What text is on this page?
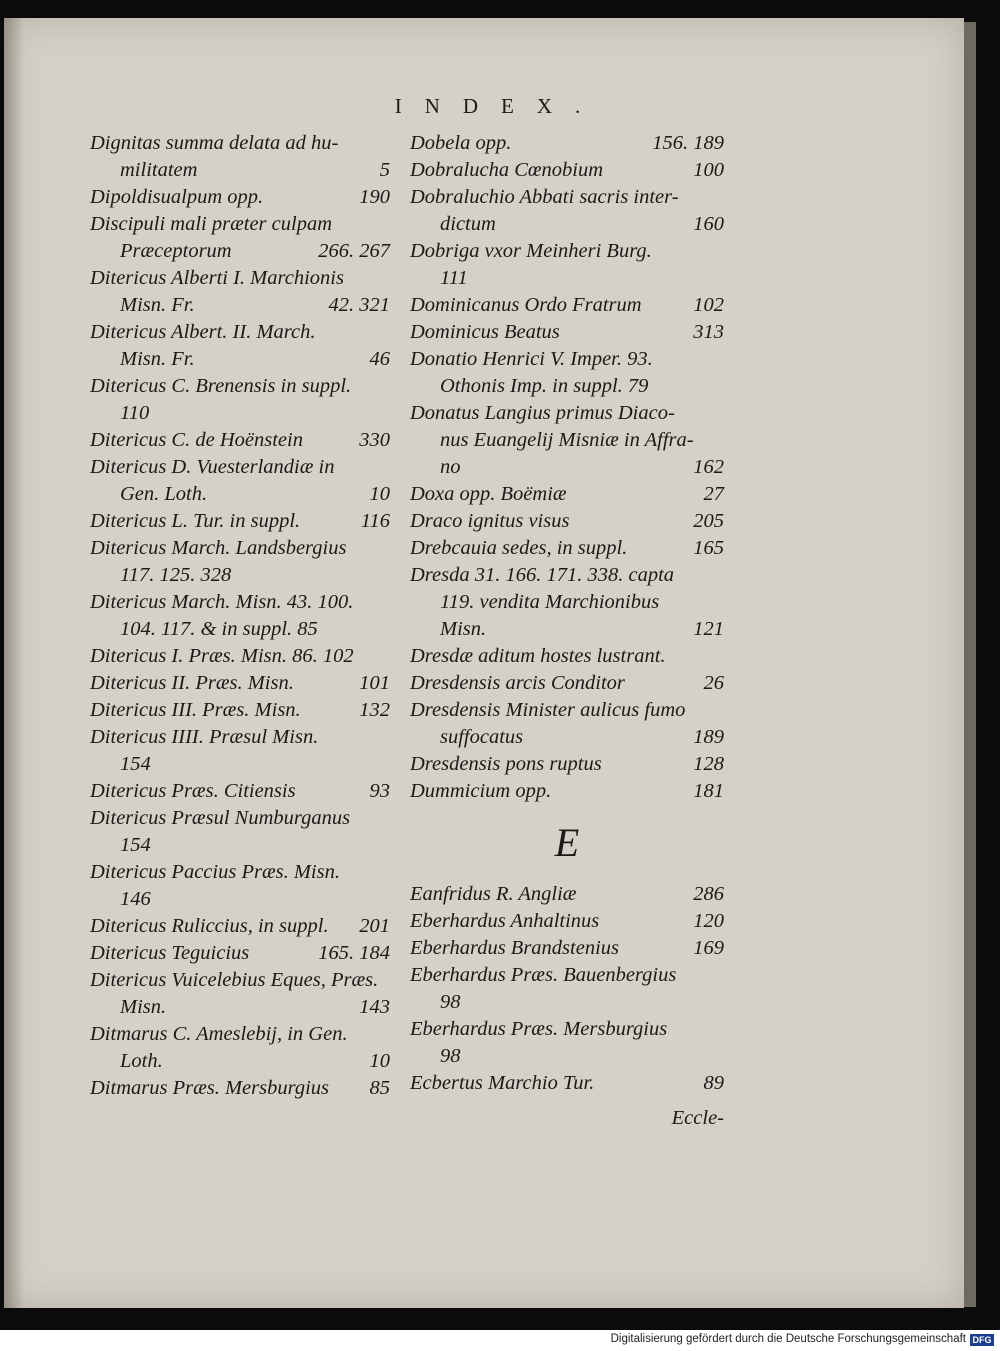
INDEX.
Dignitas summa delata ad hu-
militatem	5
Dipoldisualpum opp.	190
Discipuli mali præter culpam
Præceptorum	266. 267
Ditericus Alberti I. Marchionis
Misn. Fr.	42. 321
Ditericus Albert. II. March.
Misn. Fr.	46
Ditericus C. Brenensis in suppl.
110
Ditericus C. de Hoënstein	330
Ditericus D. Vuesterlandiæ in
Gen. Loth.	10
Ditericus L. Tur. in suppl.	116
Ditericus March. Landsbergius
117. 125. 328
Ditericus March. Misn. 43. 100.
104. 117. & in suppl. 85
Ditericus I. Præs. Misn. 86. 102
Ditericus II. Præs. Misn.	101
Ditericus III. Præs. Misn.	132
Ditericus IIII. Præsul Misn.
154
Ditericus Præs. Citiensis	93
Ditericus Præsul Numburganus
154
Ditericus Paccius Præs. Misn.
146
Ditericus Ruliccius, in suppl.	201
Ditericus Teguicius	165. 184
Ditericus Vuicelebius Eques, Præs.
Misn.	143
Ditmarus C. Ameslebij, in Gen.
Loth.	10
Ditmarus Præs. Mersburgius	85
Dobela opp.	156. 189
Dobralucha Cœnobium	100
Dobraluchio Abbati sacris inter-
dictum	160
Dobriga vxor Meinheri Burg.
111
Dominicanus Ordo Fratrum	102
Dominicus Beatus	313
Donatio Henrici V. Imper. 93.
Othonis Imp. in suppl. 79
Donatus Langius primus Diaco-
nus Euangelij Misniæ in Affra-
no	162
Doxa opp. Boëmiæ	27
Draco ignitus visus	205
Drebcauia sedes, in suppl.	165
Dresda 31. 166. 171. 338. capta
119. vendita Marchionibus
Misn.	121
Dresdæ aditum hostes lustrant.
Dresdensis arcis Conditor	26
Dresdensis Minister aulicus fumo
suffocatus	189
Dresdensis pons ruptus	128
Dummicium opp.	181
E
Eanfridus R. Angliæ	286
Eberhardus Anhaltinus	120
Eberhardus Brandstenius	169
Eberhardus Præs. Bauenbergius
98
Eberhardus Præs. Mersburgius
98
Ecbertus Marchio Tur.	89
Eccle-
Digitalisierung gefördert durch die Deutsche Forschungsgemeinschaft DFG
